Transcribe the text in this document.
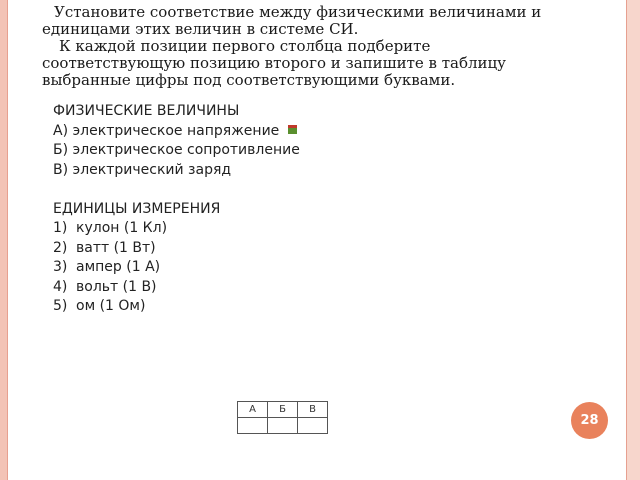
Установите соответствие между физическими величинами и

единицами этих величин в системе СИ.

К каждой позиции первого столбца подберите

соответствующую позицию второго и запишите в таблицу

выбранные цифры под соответствующими буквами.

ФИЗИЧЕСКИЕ ВЕЛИЧИНЫ
А) электрическое напряжение
Б) электрическое сопротивление
В) электрический заряд
ЕДИНИЦЫ ИЗМЕРЕНИЯ
1) кулон (1 Кл)
2) ватт (1 Вт)
3) ампер (1 А)
4) вольт (1 В)
5) ом (1 Ом)
А	Б	В

28
